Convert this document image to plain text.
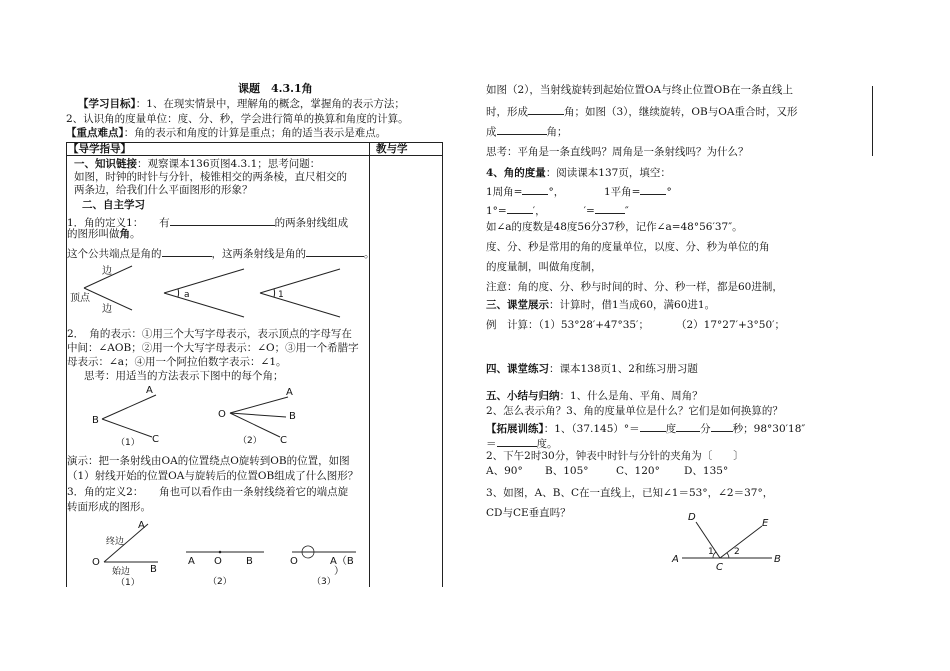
课题　4.3.1角
【学习目标】：1、在现实情景中，理解角的概念，掌握角的表示方法；
2、认识角的度量单位：度、分、秒，学会进行简单的换算和角度的计算。
【重点难点】：角的表示和角度的计算是重点；角的适当表示是难点。
【导学指导】	教与学
一、知识链接：观察课本136页图4.3.1；思考问题：
如图，时钟的时针与分针，棱锥相交的两条棱，直尺相交的
两条边，给我们什么平面图形的形象？
二、自主学习
1．角的定义1：　　有	的两条射线组成
的图形叫做角。
这个公共端点是角的	，这两条射线是角的	。
边
顶点
边
a	1
2．　角的表示：①用三个大写字母表示，表示顶点的字母写在
中间：∠AOB；②用一个大写字母表示：∠O；③用一个希腊字
母表示：∠a；④用一个阿拉伯数字表示：∠1。
思考：用适当的方法表示下图中的每个角；
A
B
C
（1）
A
O	B
C
（2）
演示：把一条射线由OA的位置绕点O旋转到OB的位置，如图
（1）射线开始的位置OA与旋转后的位置OB组成了什么图形？
3．角的定义2：　　角也可以看作由一条射线绕着它的端点旋
转面形成的图形。
A
终边
O
B
始边
（1）
A O B
（2）
O	A（B
）
（3）
如图（2），当射线旋转到起始位置OA与终止位置OB在一条直线上
时，形成	角；如图（3），继续旋转，OB与OA重合时，又形
成	角；
思考：平角是一条直线吗？周角是一条射线吗？为什么？
4、角的度量：阅读课本137页，填空：
1周角= °，	1平角= °
1°= ′，	′=	″
如∠a的度数是48度56分37秒，记作∠a=48°56′37″。
度、分、秒是常用的角的度量单位，以度、分、秒为单位的角
的度量制，叫做角度制，
注意：角的度、分、秒与时间的时、分、秒一样，都是60进制，
三、课堂展示：计算时，借1当成60，满60进1。
例　计算：（1）53°28′+47°35′；	（2）17°27′+3°50′；
四、课堂练习：课本138页1、2和练习册习题
五、小结与归纳：1、什么是角、平角、周角？
2、怎么表示角？3、角的度量单位是什么？它们是如何换算的？
【拓展训练】：1、（37.145）°＝ 度 分 秒；98°30′18″
＝	度。
2、下午2时30分，钟表中时针与分针的夹角为〔　　〕
A、90° B、105°	C、120° D、135°
3、如图，A、B、C在一直线上，已知∠1＝53°，∠2＝37°，
CD与CE垂直吗？	D
E
A
C
B
1 2
